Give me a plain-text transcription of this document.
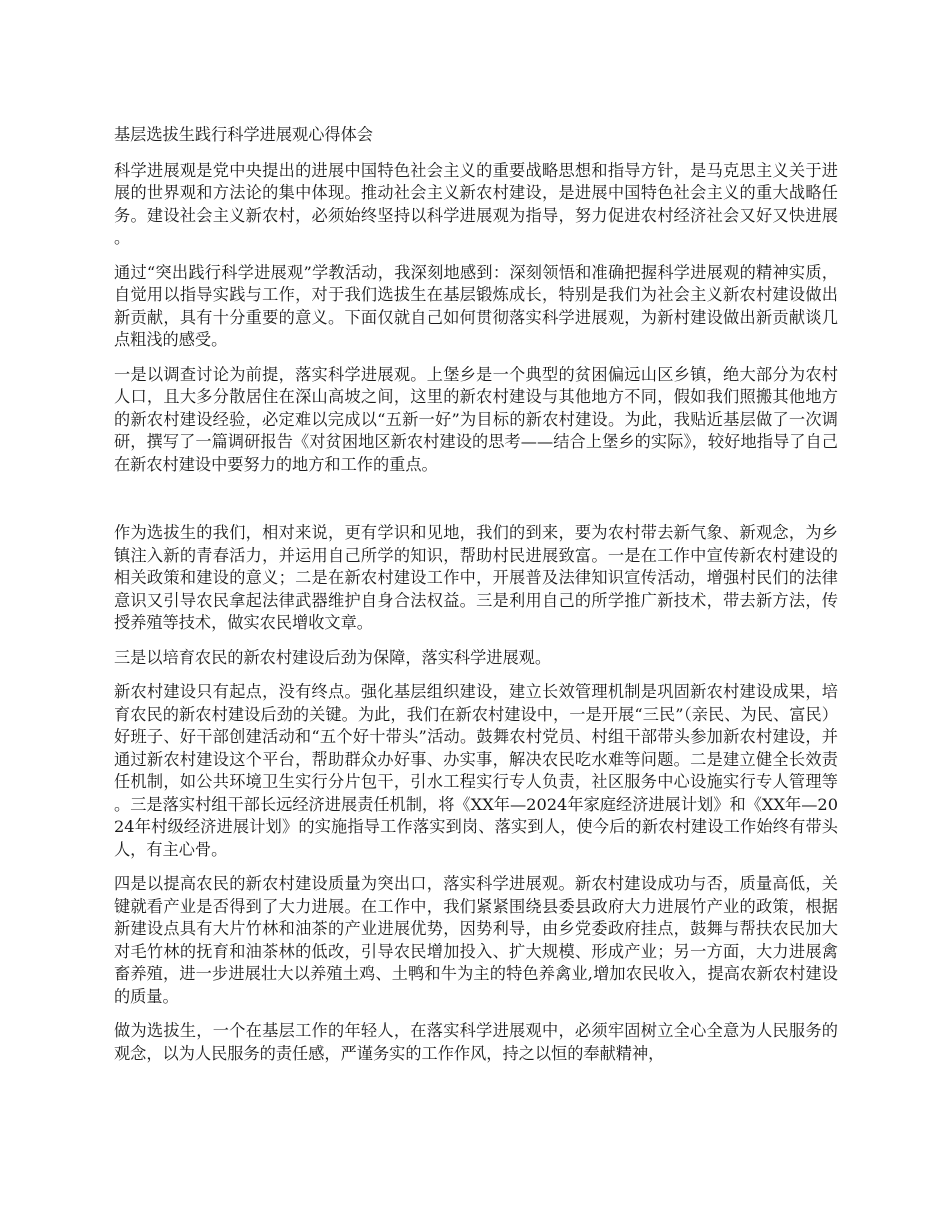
基层选拔生践行科学进展观心得体会

科学进展观是党中央提出的进展中国特色社会主义的重要战略思想和指导方针，是马克思主义关于进展的世界观和方法论的集中体现。推动社会主义新农村建设，是进展中国特色社会主义的重大战略任务。建设社会主义新农村，必须始终坚持以科学进展观为指导，努力促进农村经济社会又好又快进展。

通过“突出践行科学进展观”学教活动，我深刻地感到：深刻领悟和准确把握科学进展观的精神实质，自觉用以指导实践与工作，对于我们选拔生在基层锻炼成长，特别是我们为社会主义新农村建设做出新贡献，具有十分重要的意义。下面仅就自己如何贯彻落实科学进展观，为新村建设做出新贡献谈几点粗浅的感受。

一是以调查讨论为前提，落实科学进展观。上堡乡是一个典型的贫困偏远山区乡镇，绝大部分为农村人口，且大多分散居住在深山高坡之间，这里的新农村建设与其他地方不同，假如我们照搬其他地方的新农村建设经验，必定难以完成以“五新一好”为目标的新农村建设。为此，我贴近基层做了一次调研，撰写了一篇调研报告《对贫困地区新农村建设的思考——结合上堡乡的实际》，较好地指导了自己在新农村建设中要努力的地方和工作的重点。

作为选拔生的我们，相对来说，更有学识和见地，我们的到来，要为农村带去新气象、新观念，为乡镇注入新的青春活力，并运用自己所学的知识，帮助村民进展致富。一是在工作中宣传新农村建设的相关政策和建设的意义；二是在新农村建设工作中，开展普及法律知识宣传活动，增强村民们的法律意识又引导农民拿起法律武器维护自身合法权益。三是利用自己的所学推广新技术，带去新方法，传授养殖等技术，做实农民增收文章。

三是以培育农民的新农村建设后劲为保障，落实科学进展观。

新农村建设只有起点，没有终点。强化基层组织建设，建立长效管理机制是巩固新农村建设成果，培育农民的新农村建设后劲的关键。为此，我们在新农村建设中，一是开展“三民”（亲民、为民、富民）好班子、好干部创建活动和“五个好十带头”活动。鼓舞农村党员、村组干部带头参加新农村建设，并通过新农村建设这个平台，帮助群众办好事、办实事，解决农民吃水难等问题。二是建立健全长效责任机制，如公共环境卫生实行分片包干，引水工程实行专人负责，社区服务中心设施实行专人管理等。三是落实村组干部长远经济进展责任机制，将《XX年—2024年家庭经济进展计划》和《XX年—2024年村级经济进展计划》的实施指导工作落实到岗、落实到人，使今后的新农村建设工作始终有带头人，有主心骨。

四是以提高农民的新农村建设质量为突出口，落实科学进展观。新农村建设成功与否，质量高低，关键就看产业是否得到了大力进展。在工作中，我们紧紧围绕县委县政府大力进展竹产业的政策，根据新建设点具有大片竹林和油茶的产业进展优势，因势利导，由乡党委政府挂点，鼓舞与帮扶农民加大对毛竹林的抚育和油茶林的低改，引导农民增加投入、扩大规模、形成产业；另一方面，大力进展禽畜养殖，进一步进展壮大以养殖土鸡、土鸭和牛为主的特色养禽业,增加农民收入，提高农新农村建设的质量。

做为选拔生，一个在基层工作的年轻人，在落实科学进展观中，必须牢固树立全心全意为人民服务的观念，以为人民服务的责任感，严谨务实的工作作风，持之以恒的奉献精神，
